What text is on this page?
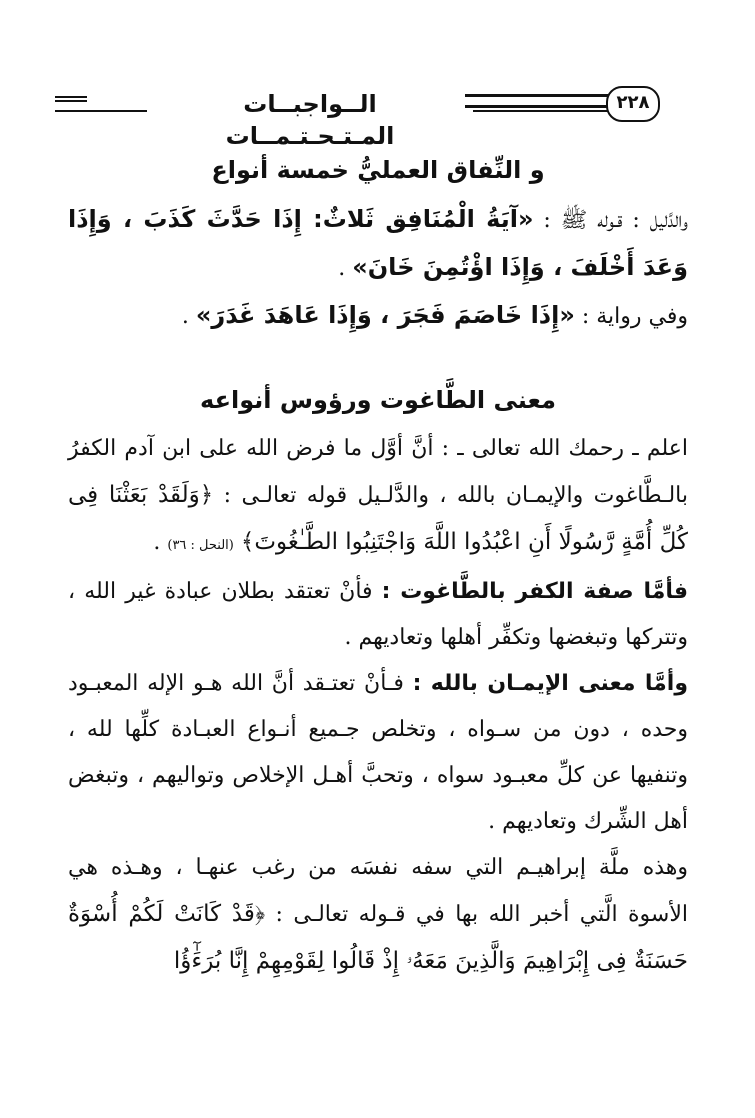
الــواجبــات المـتـحـتـمــات
٢٢٨
و النِّفاق العمليُّ خمسة أنواع

والدَّليل : قـوله ﷺ : «آيَةُ الْمُنَافِق ثَلاثٌ: إِذَا حَدَّثَ كَذَبَ ، وَإِذَا وَعَدَ أَخْلَفَ ، وَإِذَا اؤْتُمِنَ خَانَ» .

وفي رواية : «إِذَا خَاصَمَ فَجَرَ ، وَإِذَا عَاهَدَ غَدَرَ» .

معنى الطَّاغوت ورؤوس أنواعه

اعلم ـ رحمك الله تعالى ـ : أنَّ أوَّل ما فرض الله على ابن آدم الكفرُ بالـطَّاغوت والإيمـان بالله ، والدَّلـيل قوله تعالـى : ﴿وَلَقَدْ بَعَثْنَا فِى كُلِّ أُمَّةٍ رَّسُولًا أَنِ اعْبُدُوا اللَّهَ وَاجْتَنِبُوا الطَّـٰغُوتَ﴾ (النحل : ٣٦) .

فأمَّا صفة الكفر بالطَّاغوت : فأنْ تعتقد بطلان عبادة غير الله ، وتتركها وتبغضها وتكفِّر أهلها وتعاديهم .

وأمَّا معنى الإيمـان بالله : فـأنْ تعتـقد أنَّ الله هـو الإله المعبـود وحده ، دون من سـواه ، وتخلص جـميع أنـواع العبـادة كلِّها لله ، وتنفيها عن كلِّ معبـود سواه ، وتحبَّ أهـل الإخلاص وتواليهم ، وتبغض أهل الشِّرك وتعاديهم .

وهذه ملَّة إبراهيـم التي سفه نفسَه من رغب عنهـا ، وهـذه هي الأسوة الَّتي أخبر الله بها في قـوله تعالـى : ﴿قَدْ كَانَتْ لَكُمْ أُسْوَةٌ حَسَنَةٌ فِى إِبْرَاهِيمَ وَالَّذِينَ مَعَهُۥ إِذْ قَالُوا لِقَوْمِهِمْ إِنَّا بُرَءَٰٓؤُا
